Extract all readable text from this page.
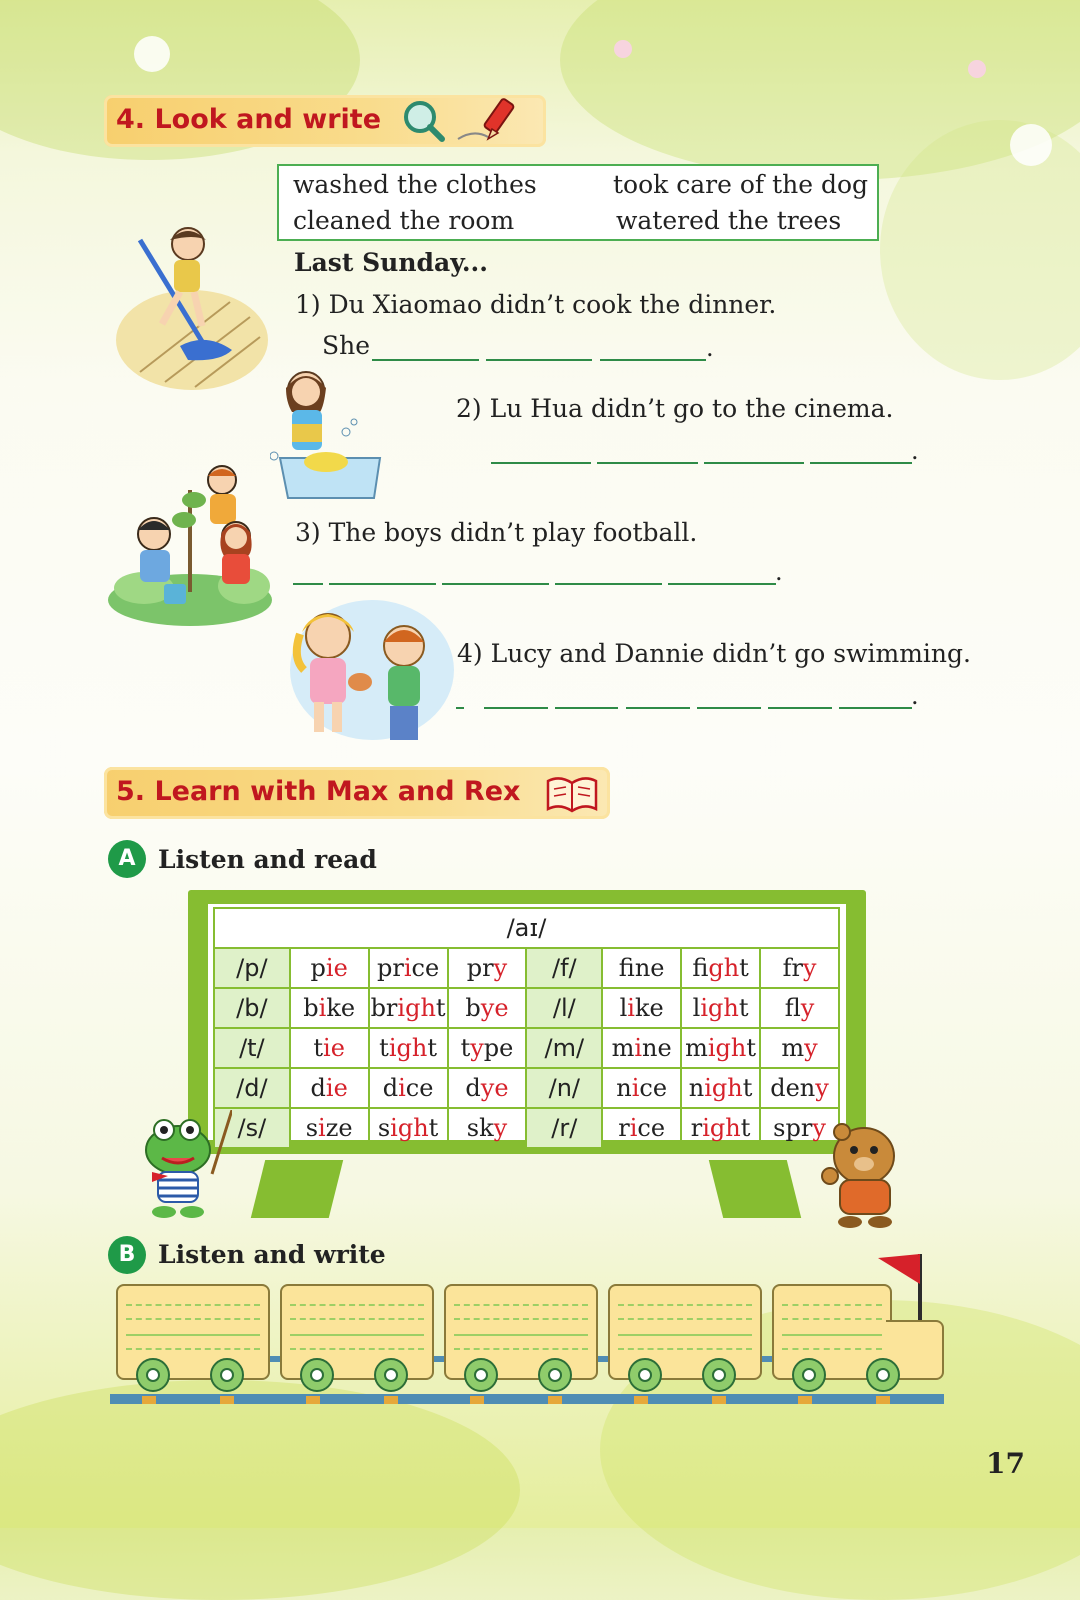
4. Look and write
washed the clothes	took care of the dog
cleaned the room	watered the trees
Last Sunday...
1) Du Xiaomao didn’t cook the dinner.
She	.
2) Lu Hua didn’t go to the cinema.
.
3) The boys didn’t play football.
.
4) Lucy and Dannie didn’t go swimming.
.
5. Learn with Max and Rex
A Listen and read
/aɪ/							
/p/	pie	price	pry	/f/	fne	fight	fry
/b/	bike	bright	bye	/l/	like	light	fly
/t/	tie	tight	type	/m/	mine	might	my
/d/	die	dice	dye	/n/	nice	night	deny
/s/	size	sight	sky	/r/	rice	right	spry
B Listen and write
17
